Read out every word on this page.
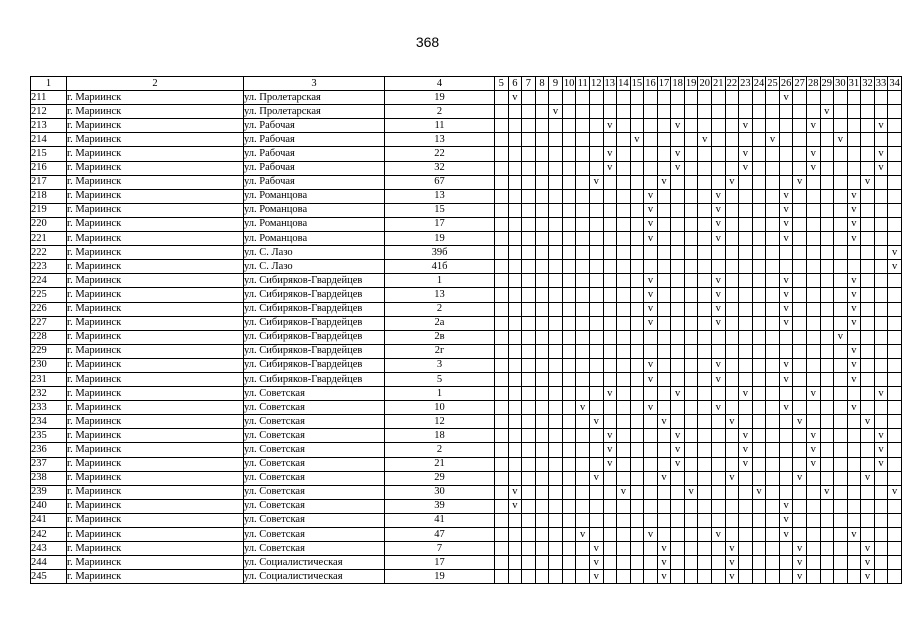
368
1	2	3	4	5	6	7	8	9	10	11	12	13	14	15	16	17	18	19	20	21	22	23	24	25	26	27	28	29	30	31	32	33	34
211	г. Мариинск	ул. Пролетарская	19		v																				v								
212	г. Мариинск	ул. Пролетарская	2					v																				v					
213	г. Мариинск	ул. Рабочая	11									v					v					v					v					v	
214	г. Мариинск	ул. Рабочая	13											v					v					v					v				
215	г. Мариинск	ул. Рабочая	22									v					v					v					v					v	
216	г. Мариинск	ул. Рабочая	32									v					v					v					v					v	
217	г. Мариинск	ул. Рабочая	67								v					v					v					v					v		
218	г. Мариинск	ул. Романцова	13												v					v					v					v			
219	г. Мариинск	ул. Романцова	15												v					v					v					v			
220	г. Мариинск	ул. Романцова	17												v					v					v					v			
221	г. Мариинск	ул. Романцова	19												v					v					v					v			
222	г. Мариинск	ул. С. Лазо	39б																														v
223	г. Мариинск	ул. С. Лазо	41б																														v
224	г. Мариинск	ул. Сибиряков-Гвардейцев	1												v					v					v					v			
225	г. Мариинск	ул. Сибиряков-Гвардейцев	13												v					v					v					v			
226	г. Мариинск	ул. Сибиряков-Гвардейцев	2												v					v					v					v			
227	г. Мариинск	ул. Сибиряков-Гвардейцев	2а												v					v					v					v			
228	г. Мариинск	ул. Сибиряков-Гвардейцев	2в																										v				
229	г. Мариинск	ул. Сибиряков-Гвардейцев	2г																											v			
230	г. Мариинск	ул. Сибиряков-Гвардейцев	3												v					v					v					v			
231	г. Мариинск	ул. Сибиряков-Гвардейцев	5												v					v					v					v			
232	г. Мариинск	ул. Советская	1									v					v					v					v					v	
233	г. Мариинск	ул. Советская	10							v					v					v					v					v			
234	г. Мариинск	ул. Советская	12								v					v					v					v					v		
235	г. Мариинск	ул. Советская	18									v					v					v					v					v	
236	г. Мариинск	ул. Советская	2									v					v					v					v					v	
237	г. Мариинск	ул. Советская	21									v					v					v					v					v	
238	г. Мариинск	ул. Советская	29								v					v					v					v					v		
239	г. Мариинск	ул. Советская	30		v								v					v					v					v					v
240	г. Мариинск	ул. Советская	39		v																				v								
241	г. Мариинск	ул. Советская	41																						v								
242	г. Мариинск	ул. Советская	47							v					v					v					v					v			
243	г. Мариинск	ул. Советская	7								v					v					v					v					v		
244	г. Мариинск	ул. Социалистическая	17								v					v					v					v					v		
245	г. Мариинск	ул. Социалистическая	19								v					v					v					v					v		
